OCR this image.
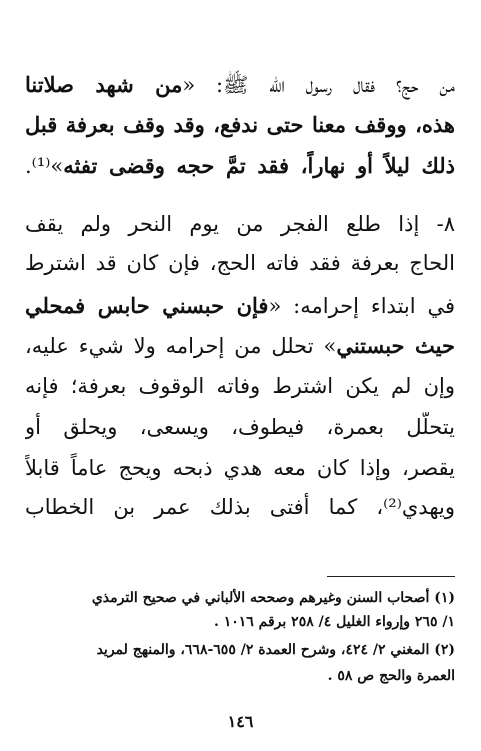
من حج؟ فقال رسول الله ﷺ: «من شهد صلاتنا
هذه، ووقف معنا حتى ندفع، وقد وقف بعرفة قبل
ذلك ليلاً أو نهاراً، فقد تمَّ حجه وقضى تفثه»⁽¹⁾.
٨- إذا طلع الفجر من يوم النحر ولم يقف
الحاج بعرفة فقد فاته الحج، فإن كان قد اشترط
في ابتداء إحرامه: «فإن حبسني حابس فمحلي
حيث حبستني» تحلل من إحرامه ولا شيء عليه،
وإن لم يكن اشترط وفاته الوقوف بعرفة؛ فإنه
يتحلَّل بعمرة، فيطوف، ويسعى، ويحلق أو
يقصر، وإذا كان معه هدي ذبحه ويحج عاماً قابلاً
ويهدي⁽²⁾، كما أفتى بذلك عمر بن الخطاب
(١) أصحاب السنن وغيرهم وصححه الألباني في صحيح الترمذي
١/ ٢٦٥ وإرواء الغليل ٤/ ٢٥٨ برقم ١٠١٦ .
(٢) المغني ٢/ ٤٢٤، وشرح العمدة ٢/ ٦٥٥-٦٦٨، والمنهج لمريد
العمرة والحج ص ٥٨ .
١٤٦
